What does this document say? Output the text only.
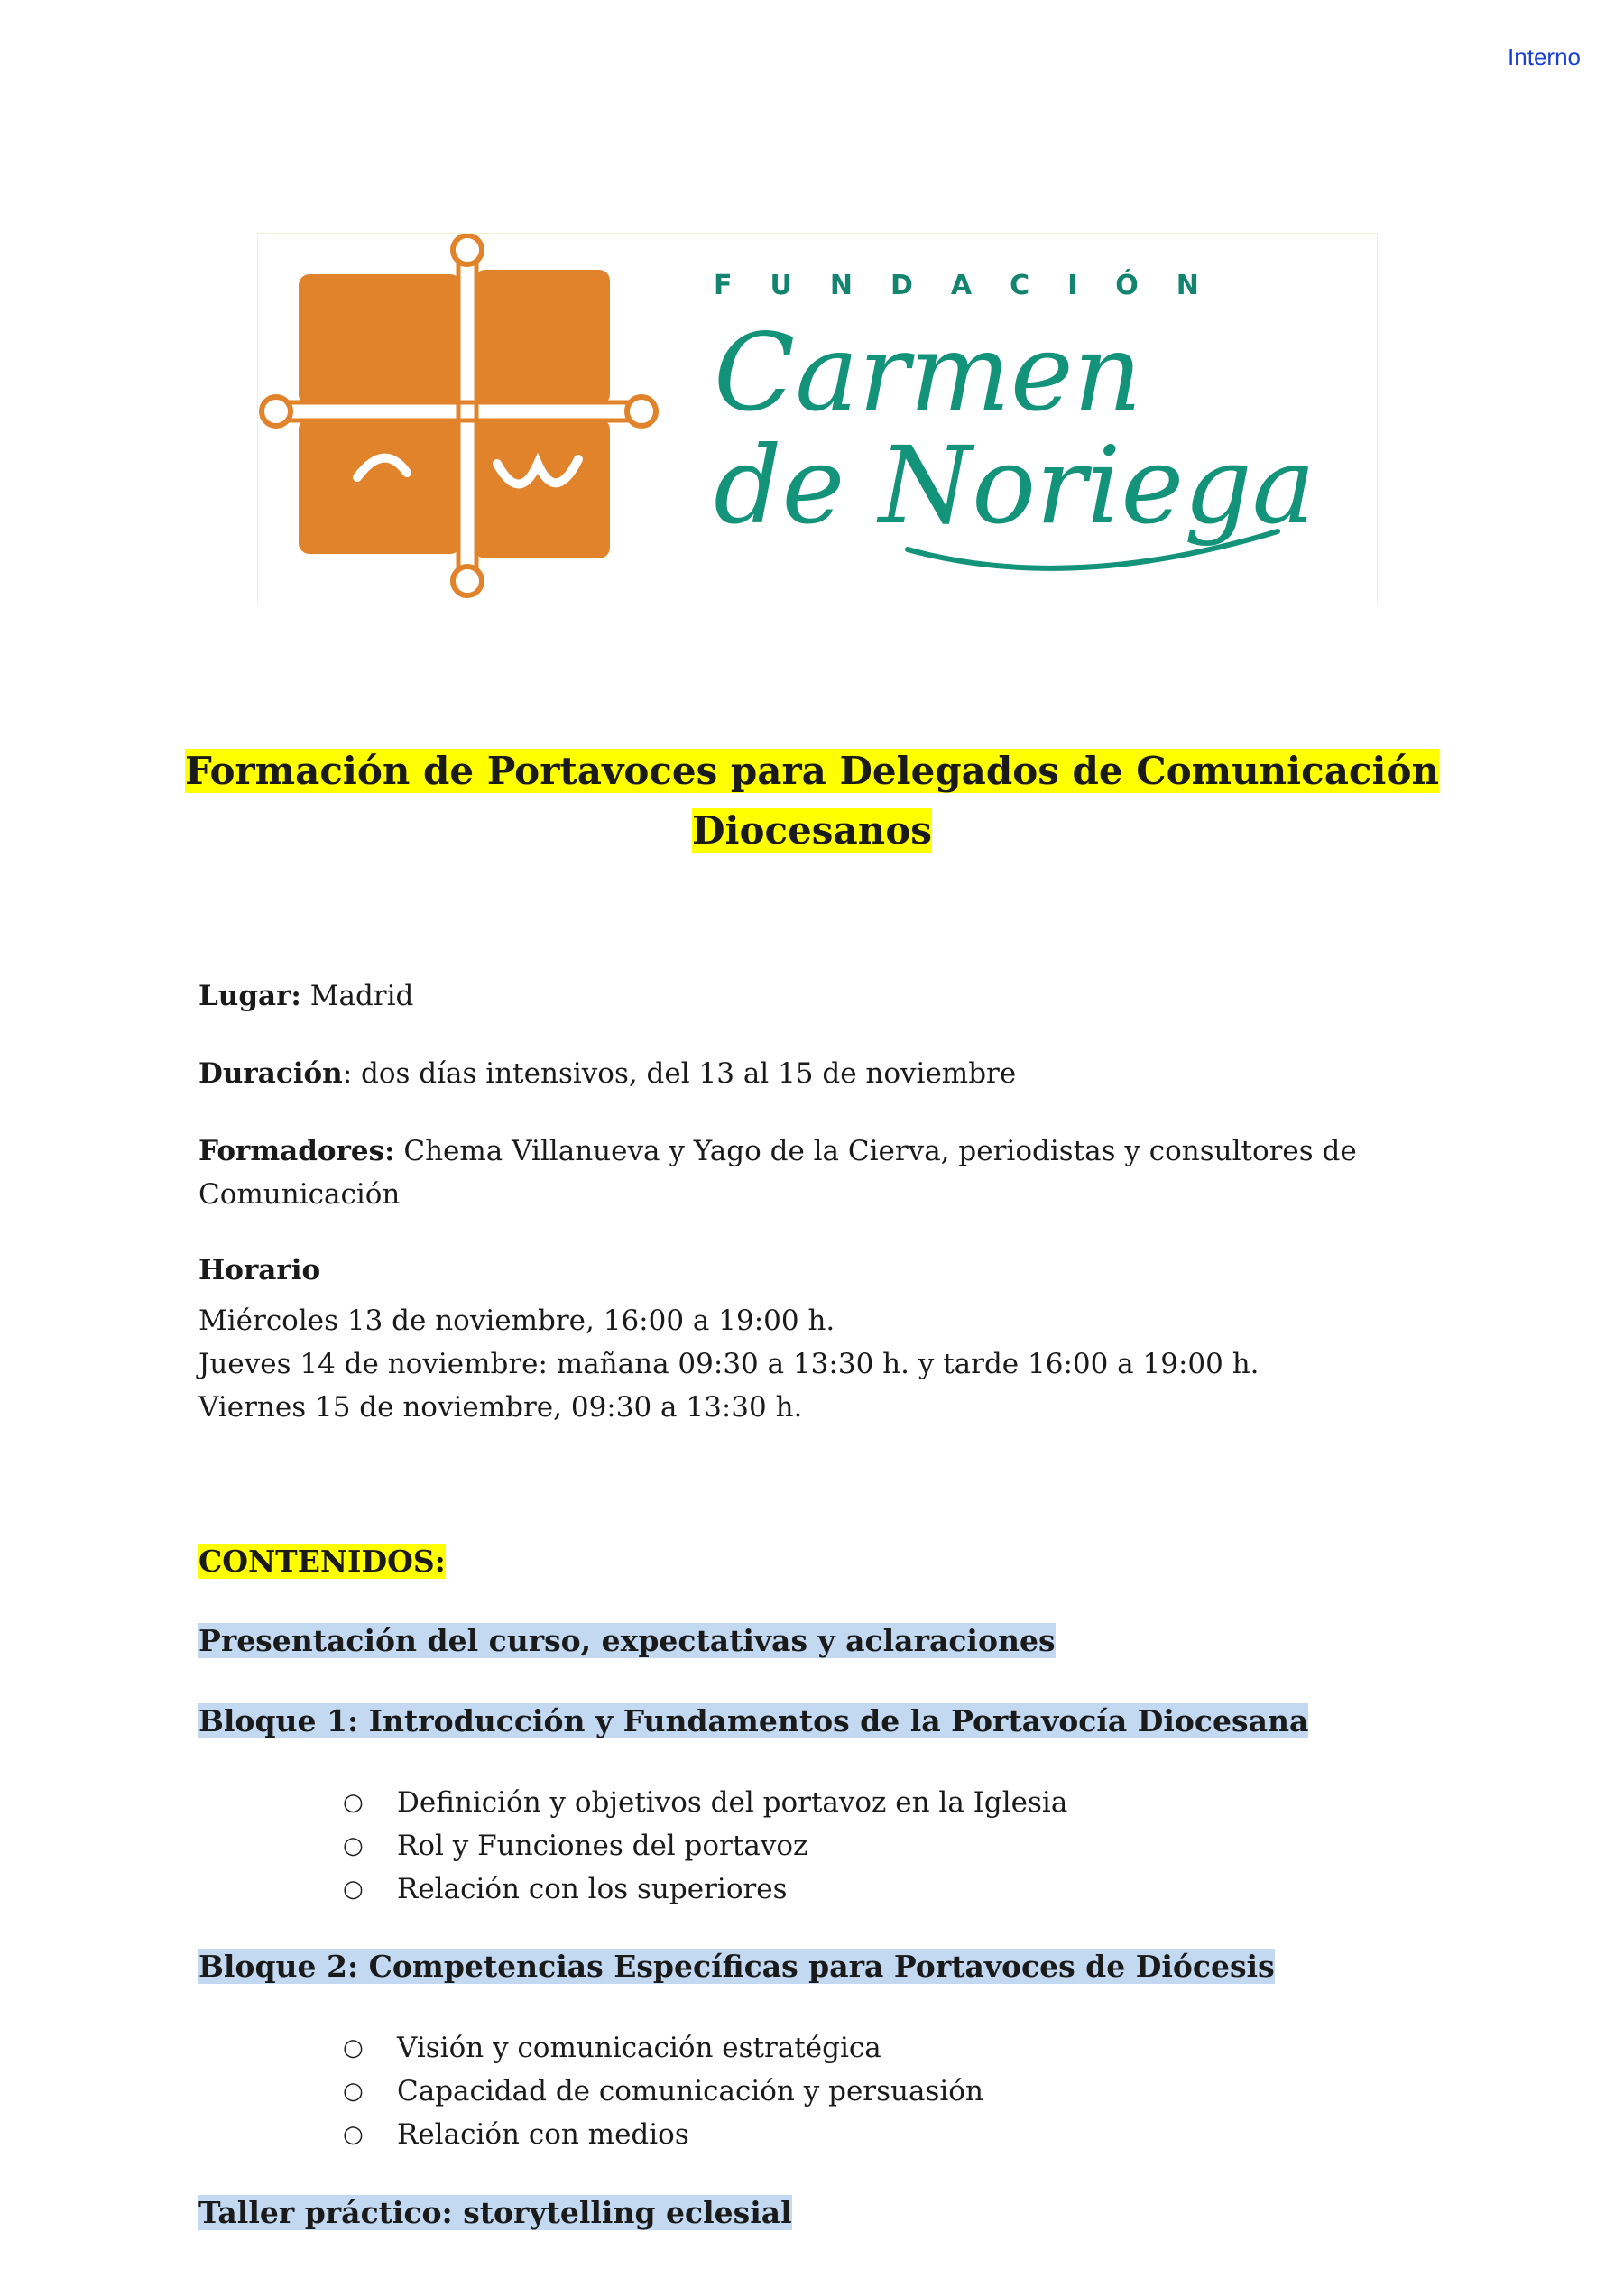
Interno
FUNDACIÓN
Carmen
de Noriega
Formación de Portavoces para Delegados de Comunicación
Diocesanos
Lugar: Madrid
Duración: dos días intensivos, del 13 al 15 de noviembre
Formadores: Chema Villanueva y Yago de la Cierva, periodistas y consultores de Comunicación
Horario
Miércoles 13 de noviembre, 16:00 a 19:00 h.
Jueves 14 de noviembre: mañana 09:30 a 13:30 h. y tarde 16:00 a 19:00 h.
Viernes 15 de noviembre, 09:30 a 13:30 h.
CONTENIDOS:
Presentación del curso, expectativas y aclaraciones
Bloque 1: Introducción y Fundamentos de la Portavocía Diocesana
○ Definición y objetivos del portavoz en la Iglesia
○ Rol y Funciones del portavoz
○ Relación con los superiores
Bloque 2: Competencias Específicas para Portavoces de Diócesis
○ Visión y comunicación estratégica
○ Capacidad de comunicación y persuasión
○ Relación con medios
Taller práctico: storytelling eclesial
